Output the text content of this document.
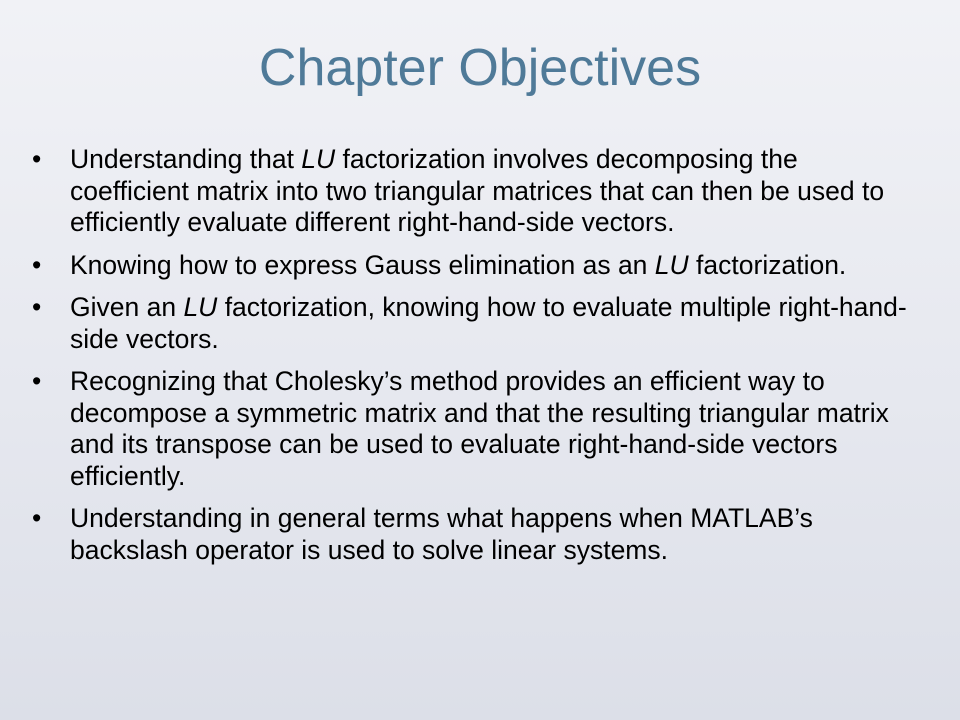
Chapter Objectives
•	Understanding that LU factorization involves decomposing the coefficient matrix into two triangular matrices that can then be used to efficiently evaluate different right-hand-side vectors.
•	Knowing how to express Gauss elimination as an LU factorization.
•	Given an LU factorization, knowing how to evaluate multiple right-hand-side vectors.
•	Recognizing that Cholesky’s method provides an efficient way to decompose a symmetric matrix and that the resulting triangular matrix and its transpose can be used to evaluate right-hand-side vectors efficiently.
•	Understanding in general terms what happens when MATLAB’s backslash operator is used to solve linear systems.
